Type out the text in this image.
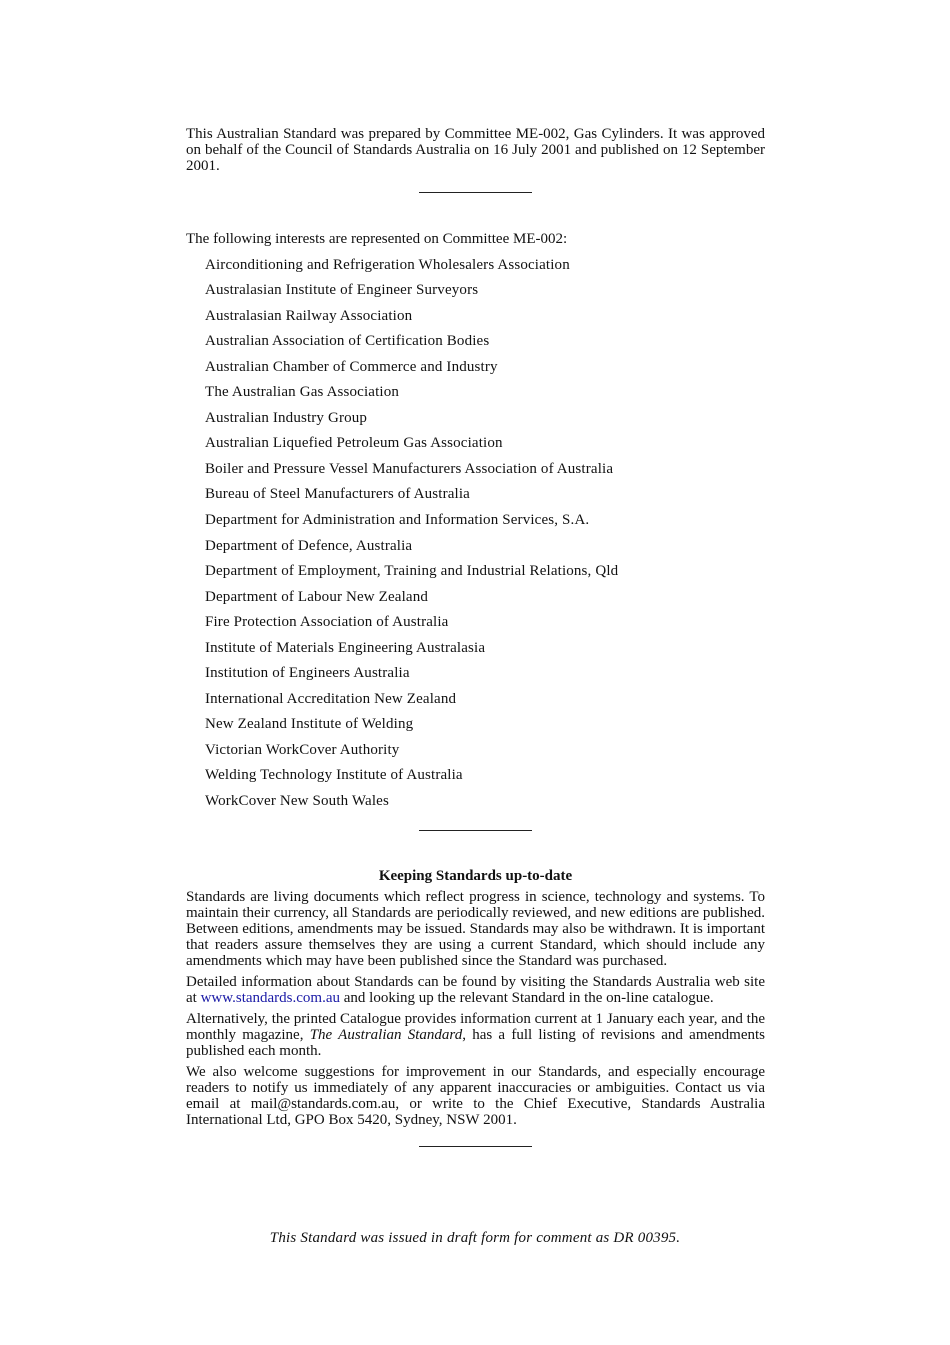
This Australian Standard was prepared by Committee ME-002, Gas Cylinders. It was approved on behalf of the Council of Standards Australia on 16 July 2001 and published on 12 September 2001.

The following interests are represented on Committee ME-002:

Airconditioning and Refrigeration Wholesalers Association
Australasian Institute of Engineer Surveyors
Australasian Railway Association
Australian Association of Certification Bodies
Australian Chamber of Commerce and Industry
The Australian Gas Association
Australian Industry Group
Australian Liquefied Petroleum Gas Association
Boiler and Pressure Vessel Manufacturers Association of Australia
Bureau of Steel Manufacturers of Australia
Department for Administration and Information Services, S.A.
Department of Defence, Australia
Department of Employment, Training and Industrial Relations, Qld
Department of Labour New Zealand
Fire Protection Association of Australia
Institute of Materials Engineering Australasia
Institution of Engineers Australia
International Accreditation New Zealand
New Zealand Institute of Welding
Victorian WorkCover Authority
Welding Technology Institute of Australia
WorkCover New South Wales

Keeping Standards up-to-date

Standards are living documents which reflect progress in science, technology and systems. To maintain their currency, all Standards are periodically reviewed, and new editions are published. Between editions, amendments may be issued. Standards may also be withdrawn. It is important that readers assure themselves they are using a current Standard, which should include any amendments which may have been published since the Standard was purchased.

Detailed information about Standards can be found by visiting the Standards Australia web site at www.standards.com.au and looking up the relevant Standard in the on-line catalogue.

Alternatively, the printed Catalogue provides information current at 1 January each year, and the monthly magazine, The Australian Standard, has a full listing of revisions and amendments published each month.

We also welcome suggestions for improvement in our Standards, and especially encourage readers to notify us immediately of any apparent inaccuracies or ambiguities. Contact us via email at mail@standards.com.au, or write to the Chief Executive, Standards Australia International Ltd, GPO Box 5420, Sydney, NSW 2001.

This Standard was issued in draft form for comment as DR 00395.
